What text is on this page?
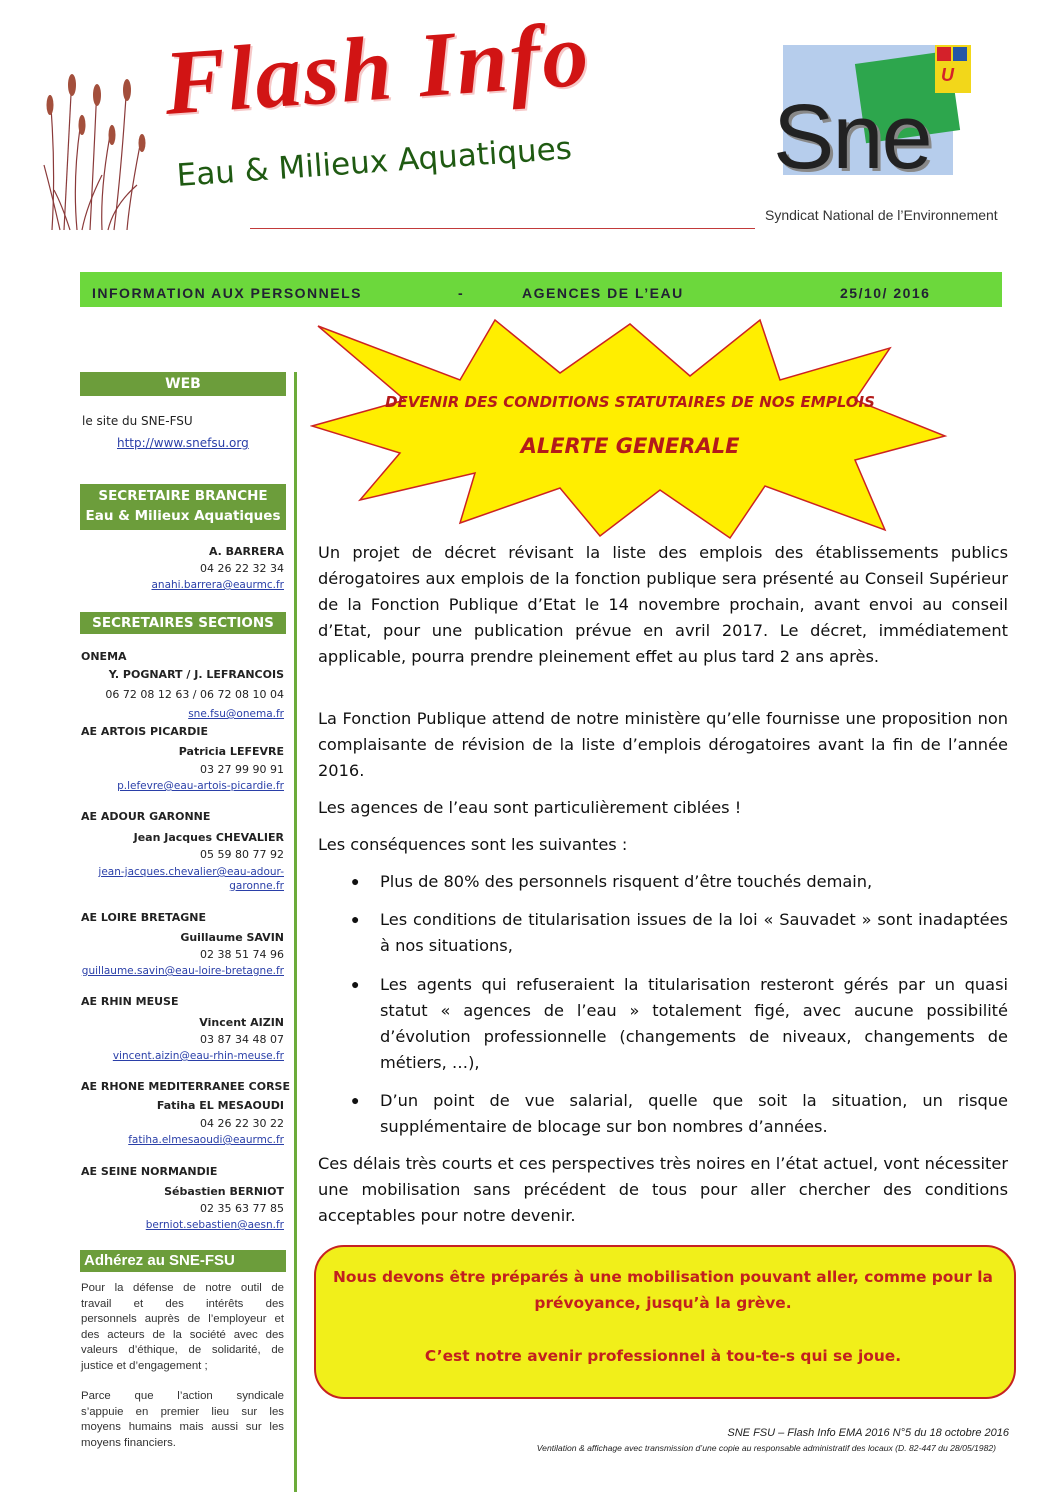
Flash Info
Eau & Milieux Aquatiques
U
Sne
Syndicat National de l’Environnement
INFORMATION AUX PERSONNELS	-	AGENCES DE L’EAU	25/10/ 2016
DEVENIR DES CONDITIONS STATUTAIRES DE NOS EMPLOIS
ALERTE GENERALE
WEB
le site du SNE-FSU
http://www.snefsu.org
SECRETAIRE BRANCHE
Eau & Milieux Aquatiques
A. BARRERA
04 26 22 32 34
anahi.barrera@eaurmc.fr
SECRETAIRES SECTIONS
ONEMA
Y. POGNART / J. LEFRANCOIS
06 72 08 12 63 / 06 72 08 10 04
sne.fsu@onema.fr
AE ARTOIS PICARDIE
Patricia LEFEVRE
03 27 99 90 91
p.lefevre@eau-artois-picardie.fr
AE ADOUR GARONNE
Jean Jacques CHEVALIER
05 59 80 77 92
jean-jacques.chevalier@eau-adour-
garonne.fr
AE LOIRE BRETAGNE
Guillaume SAVIN
02 38 51 74 96
guillaume.savin@eau-loire-bretagne.fr
AE RHIN MEUSE
Vincent AIZIN
03 87 34 48 07
vincent.aizin@eau-rhin-meuse.fr
AE RHONE MEDITERRANEE CORSE
Fatiha EL MESAOUDI
04 26 22 30 22
fatiha.elmesaoudi@eaurmc.fr
AE SEINE NORMANDIE
Sébastien BERNIOT
02 35 63 77 85
berniot.sebastien@aesn.fr
Adhérez au SNE-FSU
Pour la défense de notre outil de
travail et des intérêts des
personnels auprès de l’employeur et
des acteurs de la société avec des
valeurs d’éthique, de solidarité, de
justice et d’engagement ;
Parce que l’action syndicale
s’appuie en premier lieu sur les
moyens humains mais aussi sur les
moyens financiers.
Un projet de décret révisant la liste des emplois des établissements publics dérogatoires aux emplois de la fonction publique sera présenté au Conseil Supérieur de la Fonction Publique d’Etat le 14 novembre prochain, avant envoi au conseil d’Etat, pour une publication prévue en avril 2017. Le décret, immédiatement applicable, pourra prendre pleinement effet au plus tard 2 ans après.
La Fonction Publique attend de notre ministère qu’elle fournisse une proposition non complaisante de révision de la liste d’emplois dérogatoires avant la fin de l’année 2016.
Les agences de l’eau sont particulièrement ciblées !
Les conséquences sont les suivantes :
● Plus de 80% des personnels risquent d’être touchés demain,
● Les conditions de titularisation issues de la loi « Sauvadet » sont inadaptées à nos situations,
● Les agents qui refuseraient la titularisation resteront gérés par un quasi statut « agences de l’eau » totalement figé, avec aucune possibilité d’évolution professionnelle (changements de niveaux, changements de métiers, …),
● D’un point de vue salarial, quelle que soit la situation, un risque supplémentaire de blocage sur bon nombres d’années.
Ces délais très courts et ces perspectives très noires en l’état actuel, vont nécessiter une mobilisation sans précédent de tous pour aller chercher des conditions acceptables pour notre devenir.
Nous devons être préparés à une mobilisation pouvant aller, comme pour la
prévoyance, jusqu’à la grève.
C’est notre avenir professionnel à tou-te-s qui se joue.
SNE FSU – Flash Info EMA 2016 N°5 du 18 octobre 2016
Ventilation & affichage avec transmission d’une copie au responsable administratif des locaux (D. 82-447 du 28/05/1982)
